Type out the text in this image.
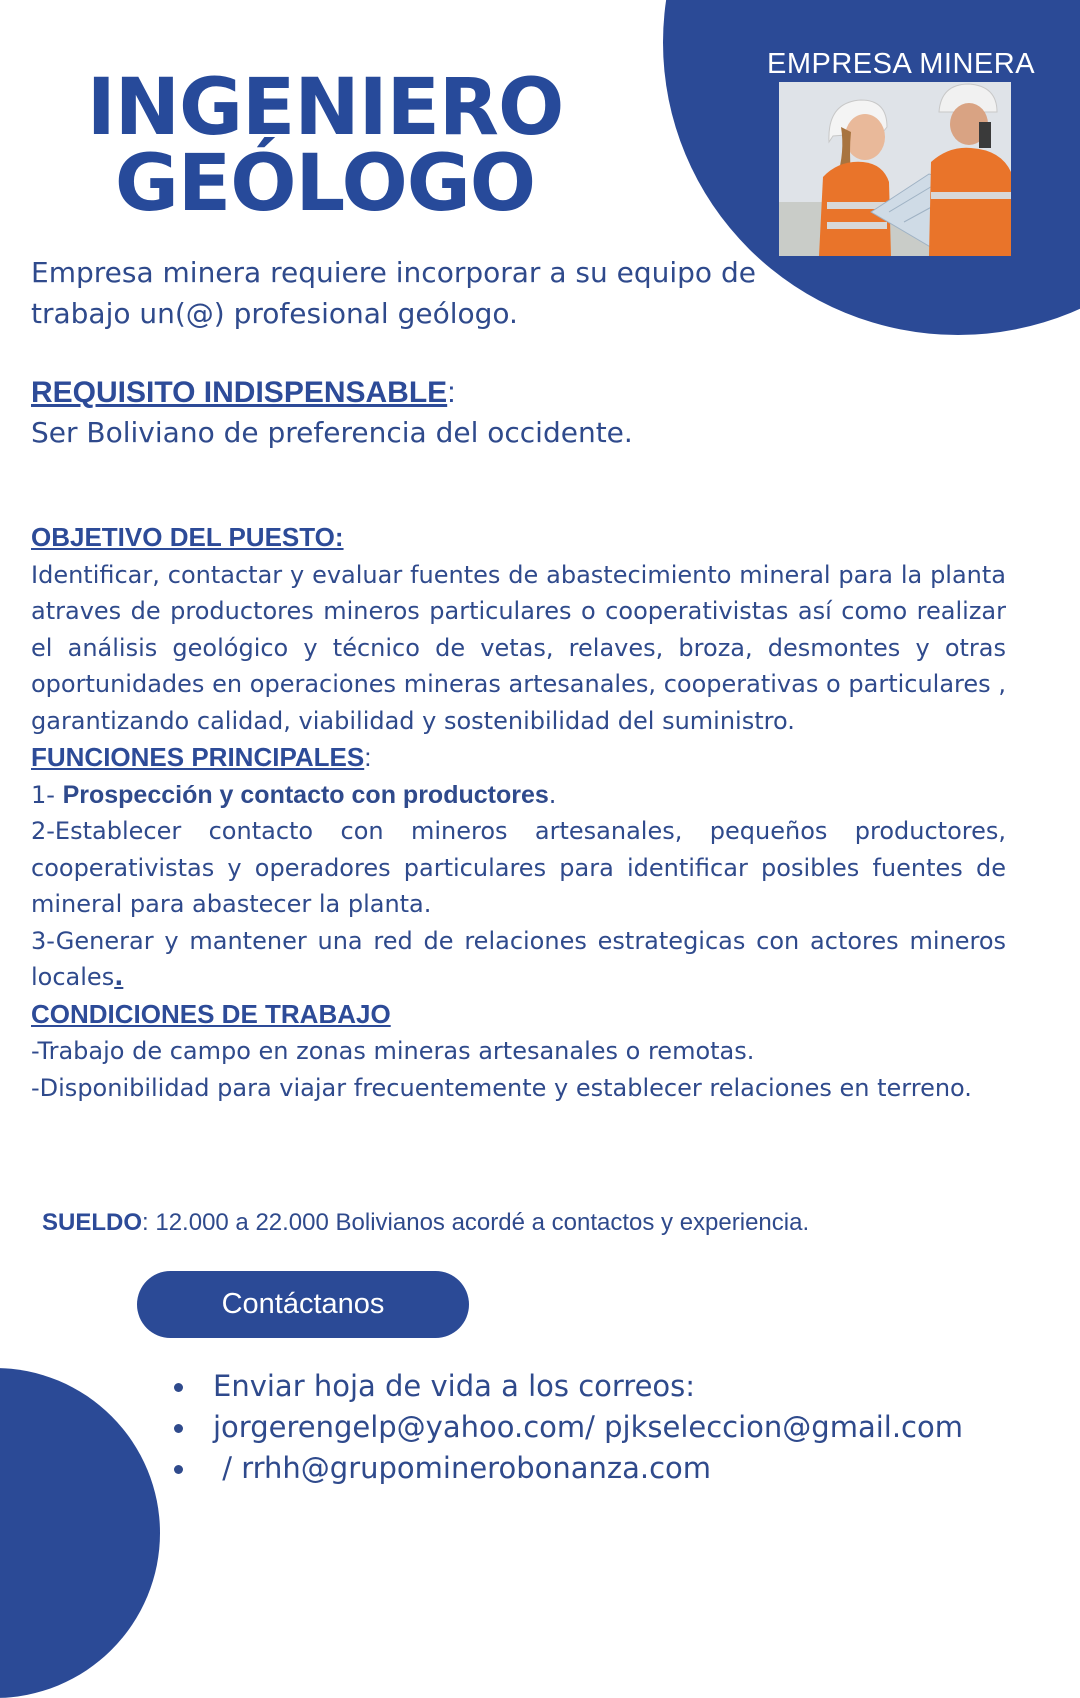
EMPRESA MINERA
INGENIERO
GEÓLOGO
Empresa minera requiere incorporar a su equipo de trabajo un(@) profesional geólogo.
REQUISITO INDISPENSABLE:
Ser Boliviano de preferencia del occidente.

OBJETIVO DEL PUESTO:

Identificar, contactar y evaluar fuentes de abastecimiento mineral para la planta atraves de productores mineros particulares o cooperativistas así como realizar el análisis geológico y técnico de vetas, relaves, broza, desmontes y otras oportunidades en operaciones mineras artesanales, cooperativas o particulares , garantizando calidad, viabilidad y sostenibilidad del suministro.

FUNCIONES PRINCIPALES:

1- Prospección y contacto con productores.

2-Establecer contacto con mineros artesanales, pequeños productores, cooperativistas y operadores particulares para identificar posibles fuentes de mineral para abastecer la planta.

3-Generar y mantener una red de relaciones estrategicas con actores mineros locales.

CONDICIONES DE TRABAJO

-Trabajo de campo en zonas mineras artesanales o remotas.

-Disponibilidad para viajar frecuentemente y establecer relaciones en terreno.

SUELDO: 12.000 a 22.000 Bolivianos acordé a contactos y experiencia.
Contáctanos
Enviar hoja de vida a los correos:
jorgerengelp@yahoo.com/ pjkseleccion@gmail.com
/ rrhh@grupominerobonanza.com
